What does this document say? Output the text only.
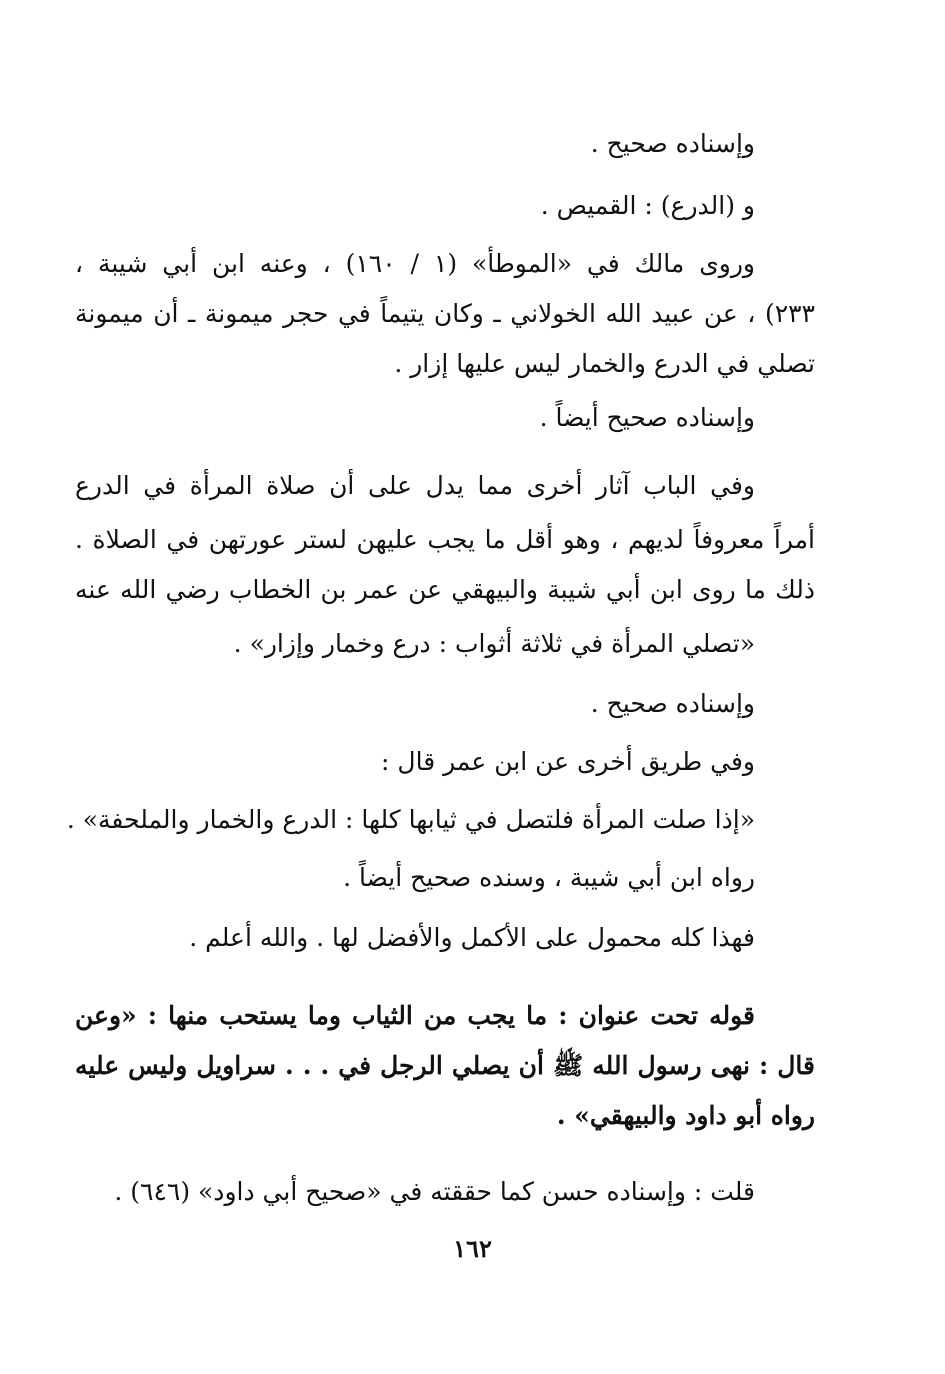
وإسناده صحيح .
و (الدرع) : القميص .
وروى مالك في «الموطأ» (١ / ١٦٠) ، وعنه ابن أبي شيبة ،
٢٣٣) ، عن عبيد الله الخولاني ـ وكان يتيماً في حجر ميمونة ـ أن ميمونة
تصلي في الدرع والخمار ليس عليها إزار .
وإسناده صحيح أيضاً .
وفي الباب آثار أخرى مما يدل على أن صلاة المرأة في الدرع
أمراً معروفاً لديهم ، وهو أقل ما يجب عليهن لستر عورتهن في الصلاة .
ذلك ما روى ابن أبي شيبة والبيهقي عن عمر بن الخطاب رضي الله عنه
«تصلي المرأة في ثلاثة أثواب : درع وخمار وإزار» .
وإسناده صحيح .
وفي طريق أخرى عن ابن عمر قال :
«إذا صلت المرأة فلتصل في ثيابها كلها : الدرع والخمار والملحفة» .
رواه ابن أبي شيبة ، وسنده صحيح أيضاً .
فهذا كله محمول على الأكمل والأفضل لها . والله أعلم .
قوله تحت عنوان : ما يجب من الثياب وما يستحب منها : «وعن
قال : نهى رسول الله ﷺ أن يصلي الرجل في . . . سراويل وليس عليه
رواه أبو داود والبيهقي» .
قلت : وإسناده حسن كما حققته في «صحيح أبي داود» (٦٤٦) .
١٦٢
